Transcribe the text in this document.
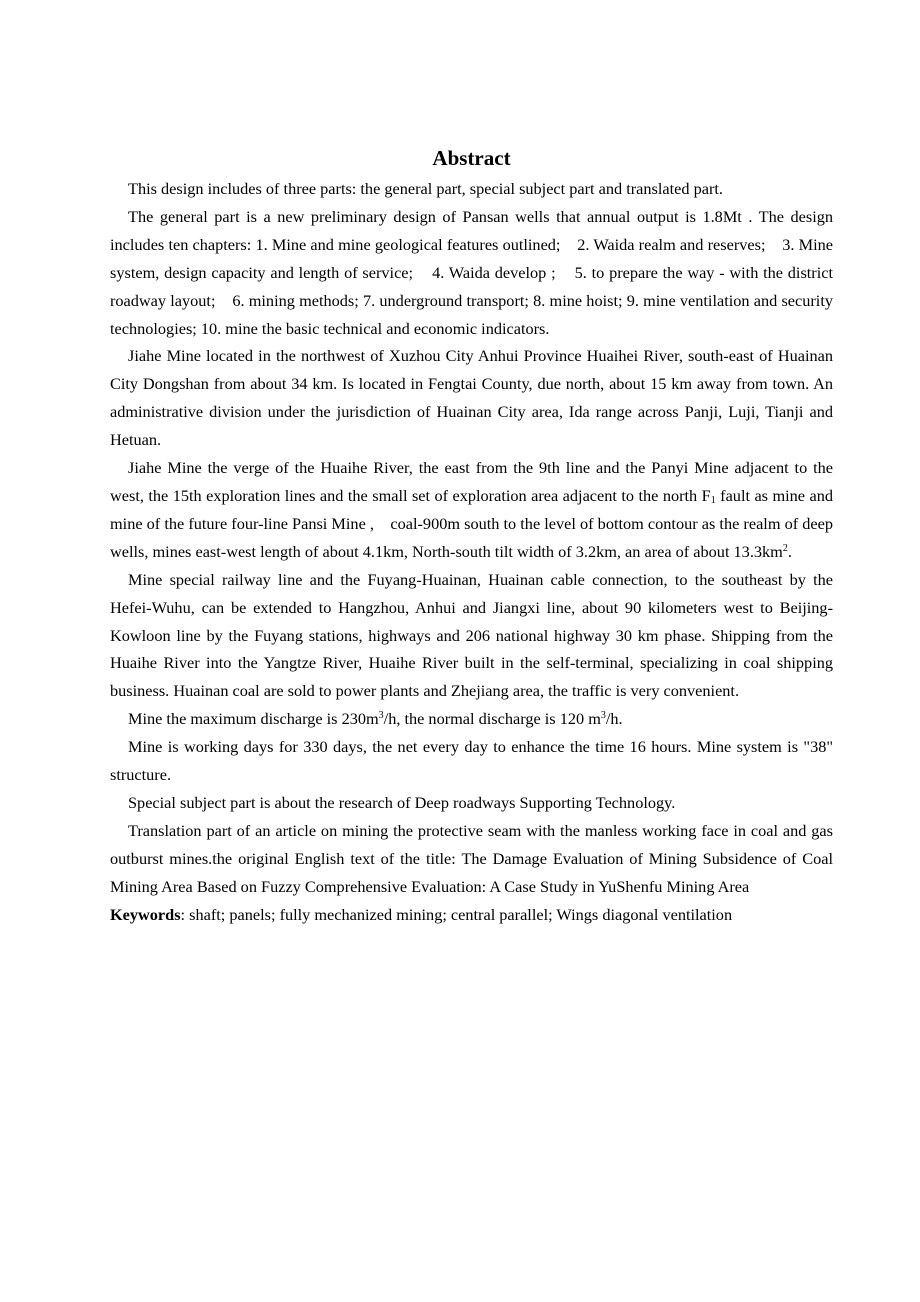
Abstract

This design includes of three parts: the general part, special subject part and translated part.

The general part is a new preliminary design of Pansan wells that annual output is 1.8Mt . The design includes ten chapters: 1. Mine and mine geological features outlined;    2. Waida realm and reserves;    3. Mine system, design capacity and length of service;    4. Waida develop ;    5. to prepare the way - with the district roadway layout;    6. mining methods; 7. underground transport; 8. mine hoist; 9. mine ventilation and security technologies; 10. mine the basic technical and economic indicators.

Jiahe Mine located in the northwest of Xuzhou City Anhui Province Huaihei River, south-east of Huainan City Dongshan from about 34 km. Is located in Fengtai County, due north, about 15 km away from town. An administrative division under the jurisdiction of Huainan City area, Ida range across Panji, Luji, Tianji and Hetuan.

Jiahe Mine the verge of the Huaihe River, the east from the 9th line and the Panyi Mine adjacent to the west, the 15th exploration lines and the small set of exploration area adjacent to the north $F_1$ fault as mine and mine of the future four-line Pansi Mine ,    coal-900m south to the level of bottom contour as the realm of deep wells, mines east-west length of about 4.1km, North-south tilt width of 3.2km, an area of about $13.3km^2$.

Mine special railway line and the Fuyang-Huainan, Huainan cable connection, to the southeast by the Hefei-Wuhu, can be extended to Hangzhou, Anhui and Jiangxi line, about 90 kilometers west to Beijing-Kowloon line by the Fuyang stations, highways and 206 national highway 30 km phase. Shipping from the Huaihe River into the Yangtze River, Huaihe River built in the self-terminal, specializing in coal shipping business. Huainan coal are sold to power plants and Zhejiang area, the traffic is very convenient.

Mine the maximum discharge is $230m^3/h$, the normal discharge is 120 $m^3/h$.

Mine is working days for 330 days, the net every day to enhance the time 16 hours. Mine system is "38" structure.

Special subject part is about the research of Deep roadways Supporting Technology.

Translation part of an article on mining the protective seam with the manless working face in coal and gas outburst mines.the original English text of the title: The Damage Evaluation of Mining Subsidence of Coal Mining Area Based on Fuzzy Comprehensive Evaluation: A Case Study in YuShenfu Mining Area

Keywords: shaft; panels; fully mechanized mining; central parallel; Wings diagonal ventilation
